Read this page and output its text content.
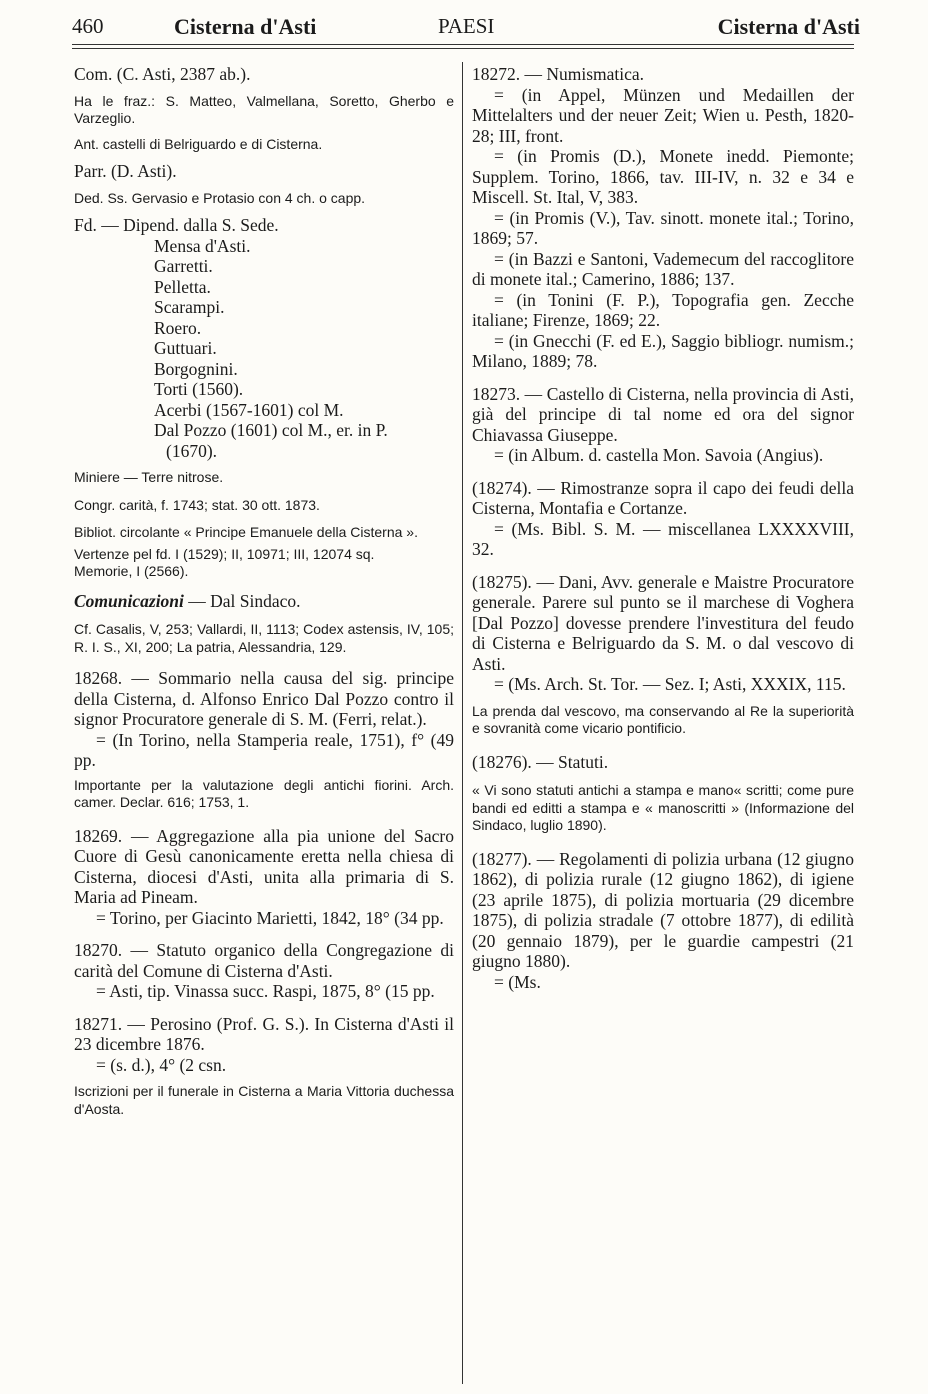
460	Cisterna d'Asti	PAESI	Cisterna d'Asti

Com. (C. Asti, 2387 ab.).

Ha le fraz.: S. Matteo, Valmellana, Soretto, Gherbo e Varzeglio.

Ant. castelli di Belriguardo e di Cisterna.

Parr. (D. Asti).

Ded. Ss. Gervasio e Protasio con 4 ch. o capp.

Fd. — Dipend. dalla S. Sede.

Mensa d'Asti.

Garretti.

Pelletta.

Scarampi.

Roero.

Guttuari.

Borgognini.

Torti (1560).

Acerbi (1567-1601) col M.

Dal Pozzo (1601) col M., er. in P.

(1670).

Miniere — Terre nitrose.

Congr. carità, f. 1743; stat. 30 ott. 1873.

Bibliot. circolante « Principe Emanuele della Cisterna ».

Vertenze pel fd. I (1529); II, 10971; III, 12074 sq.

Memorie, I (2566).

Comunicazioni — Dal Sindaco.

Cf. Casalis, V, 253; Vallardi, II, 1113; Codex astensis, IV, 105; R. I. S., XI, 200; La patria, Alessandria, 129.

18268. — Sommario nella causa del sig. principe della Cisterna, d. Alfonso Enrico Dal Pozzo contro il signor Procuratore generale di S. M. (Ferri, relat.).

= (In Torino, nella Stamperia reale, 1751), f° (49 pp.

Importante per la valutazione degli antichi fiorini. Arch. camer. Declar. 616; 1753, 1.

18269. — Aggregazione alla pia unione del Sacro Cuore di Gesù canonicamente eretta nella chiesa di Cisterna, diocesi d'Asti, unita alla primaria di S. Maria ad Pineam.

= Torino, per Giacinto Marietti, 1842, 18° (34 pp.

18270. — Statuto organico della Congregazione di carità del Comune di Cisterna d'Asti.

= Asti, tip. Vinassa succ. Raspi, 1875, 8° (15 pp.

18271. — Perosino (Prof. G. S.). In Cisterna d'Asti il 23 dicembre 1876.

= (s. d.), 4° (2 csn.

Iscrizioni per il funerale in Cisterna a Maria Vittoria duchessa d'Aosta.

18272. — Numismatica.

= (in Appel, Münzen und Medaillen der Mittelalters und der neuer Zeit; Wien u. Pesth, 1820-28; III, front.

= (in Promis (D.), Monete inedd. Piemonte; Supplem. Torino, 1866, tav. III-IV, n. 32 e 34 e Miscell. St. Ital, V, 383.

= (in Promis (V.), Tav. sinott. monete ital.; Torino, 1869; 57.

= (in Bazzi e Santoni, Vademecum del raccoglitore di monete ital.; Camerino, 1886; 137.

= (in Tonini (F. P.), Topografia gen. Zecche italiane; Firenze, 1869; 22.

= (in Gnecchi (F. ed E.), Saggio bibliogr. numism.; Milano, 1889; 78.

18273. — Castello di Cisterna, nella provincia di Asti, già del principe di tal nome ed ora del signor Chiavassa Giuseppe.

= (in Album. d. castella Mon. Savoia (Angius).

(18274). — Rimostranze sopra il capo dei feudi della Cisterna, Montafia e Cortanze.

= (Ms. Bibl. S. M. — miscellanea LXXXXVIII, 32.

(18275). — Dani, Avv. generale e Maistre Procuratore generale. Parere sul punto se il marchese di Voghera [Dal Pozzo] dovesse prendere l'investitura del feudo di Cisterna e Belriguardo da S. M. o dal vescovo di Asti.

= (Ms. Arch. St. Tor. — Sez. I; Asti, XXXIX, 115.

La prenda dal vescovo, ma conservando al Re la superiorità e sovranità come vicario pontificio.

(18276). — Statuti.

« Vi sono statuti antichi a stampa e mano« scritti; come pure bandi ed editti a stampa e « manoscritti » (Informazione del Sindaco, luglio 1890).

(18277). — Regolamenti di polizia urbana (12 giugno 1862), di polizia rurale (12 giugno 1862), di igiene (23 aprile 1875), di polizia mortuaria (29 dicembre 1875), di polizia stradale (7 ottobre 1877), di edilità (20 gennaio 1879), per le guardie campestri (21 giugno 1880).

= (Ms.
